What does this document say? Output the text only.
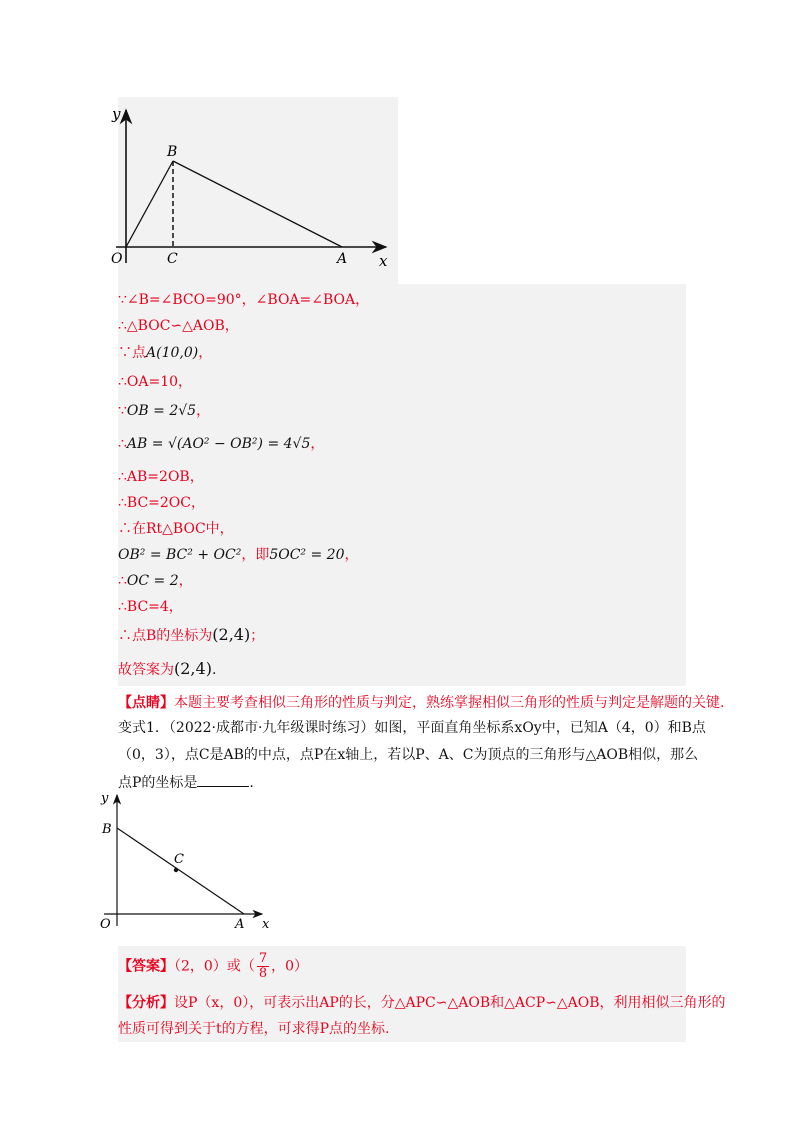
y
B
O	C	A x
∵∠B=∠BCO=90°，∠BOA=∠BOA，
∴△BOC∽△AOB，
∵点A(10,0)，
∴OA=10，
∵OB = 2√5，
∴AB = √(AO² − OB²) = 4√5，
∴AB=2OB，
∴BC=2OC，
∴在Rt△BOC中，
OB² = BC² + OC²，即5OC² = 20，
∴OC = 2，
∴BC=4，
∴点B的坐标为(2,4)；
故答案为(2,4).
【点睛】本题主要考查相似三角形的性质与判定，熟练掌握相似三角形的性质与判定是解题的关键.
变式1．（2022·成都市·九年级课时练习）如图，平面直角坐标系xOy中，已知A（4，0）和B点
（0，3），点C是AB的中点，点P在x轴上，若以P、A、C为顶点的三角形与△AOB相似，那么
点P的坐标是	.
y
B
C
O	A x
【答案】（2，0）或（ $\frac{7}{8}$ ，0）
【分析】设P（x，0），可表示出AP的长，分△APC∽△AOB和△ACP∽△AOB，利用相似三角形的
性质可得到关于t的方程，可求得P点的坐标.
